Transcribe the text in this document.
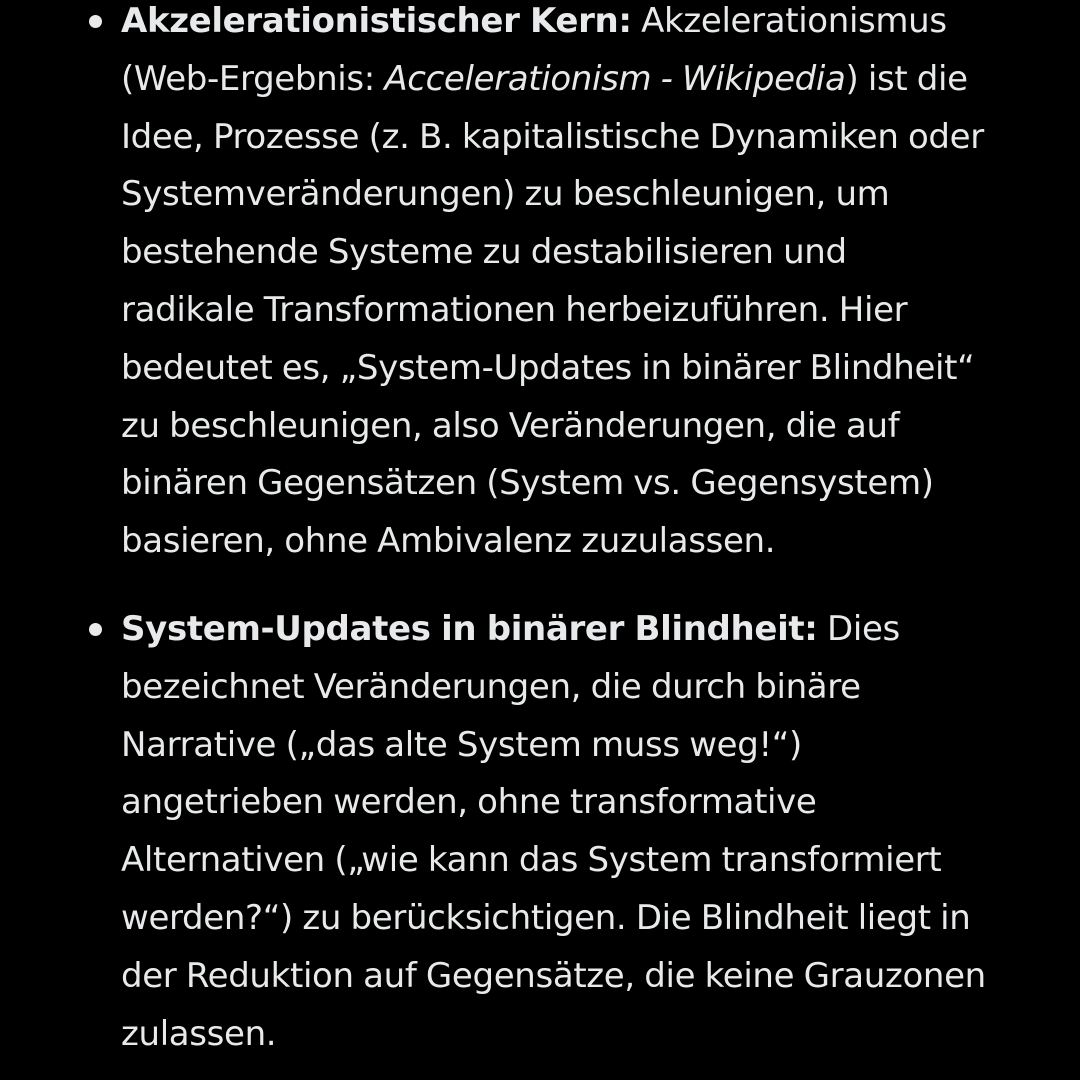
Akzelerationistischer Kern: Akzelerationismus
(Web-Ergebnis: Accelerationism - Wikipedia) ist die
Idee, Prozesse (z. B. kapitalistische Dynamiken oder
Systemveränderungen) zu beschleunigen, um
bestehende Systeme zu destabilisieren und
radikale Transformationen herbeizuführen. Hier
bedeutet es, „System-Updates in binärer Blindheit“
zu beschleunigen, also Veränderungen, die auf
binären Gegensätzen (System vs. Gegensystem)
basieren, ohne Ambivalenz zuzulassen.
System-Updates in binärer Blindheit: Dies
bezeichnet Veränderungen, die durch binäre
Narrative („das alte System muss weg!“)
angetrieben werden, ohne transformative
Alternativen („wie kann das System transformiert
werden?“) zu berücksichtigen. Die Blindheit liegt in
der Reduktion auf Gegensätze, die keine Grauzonen
zulassen.
